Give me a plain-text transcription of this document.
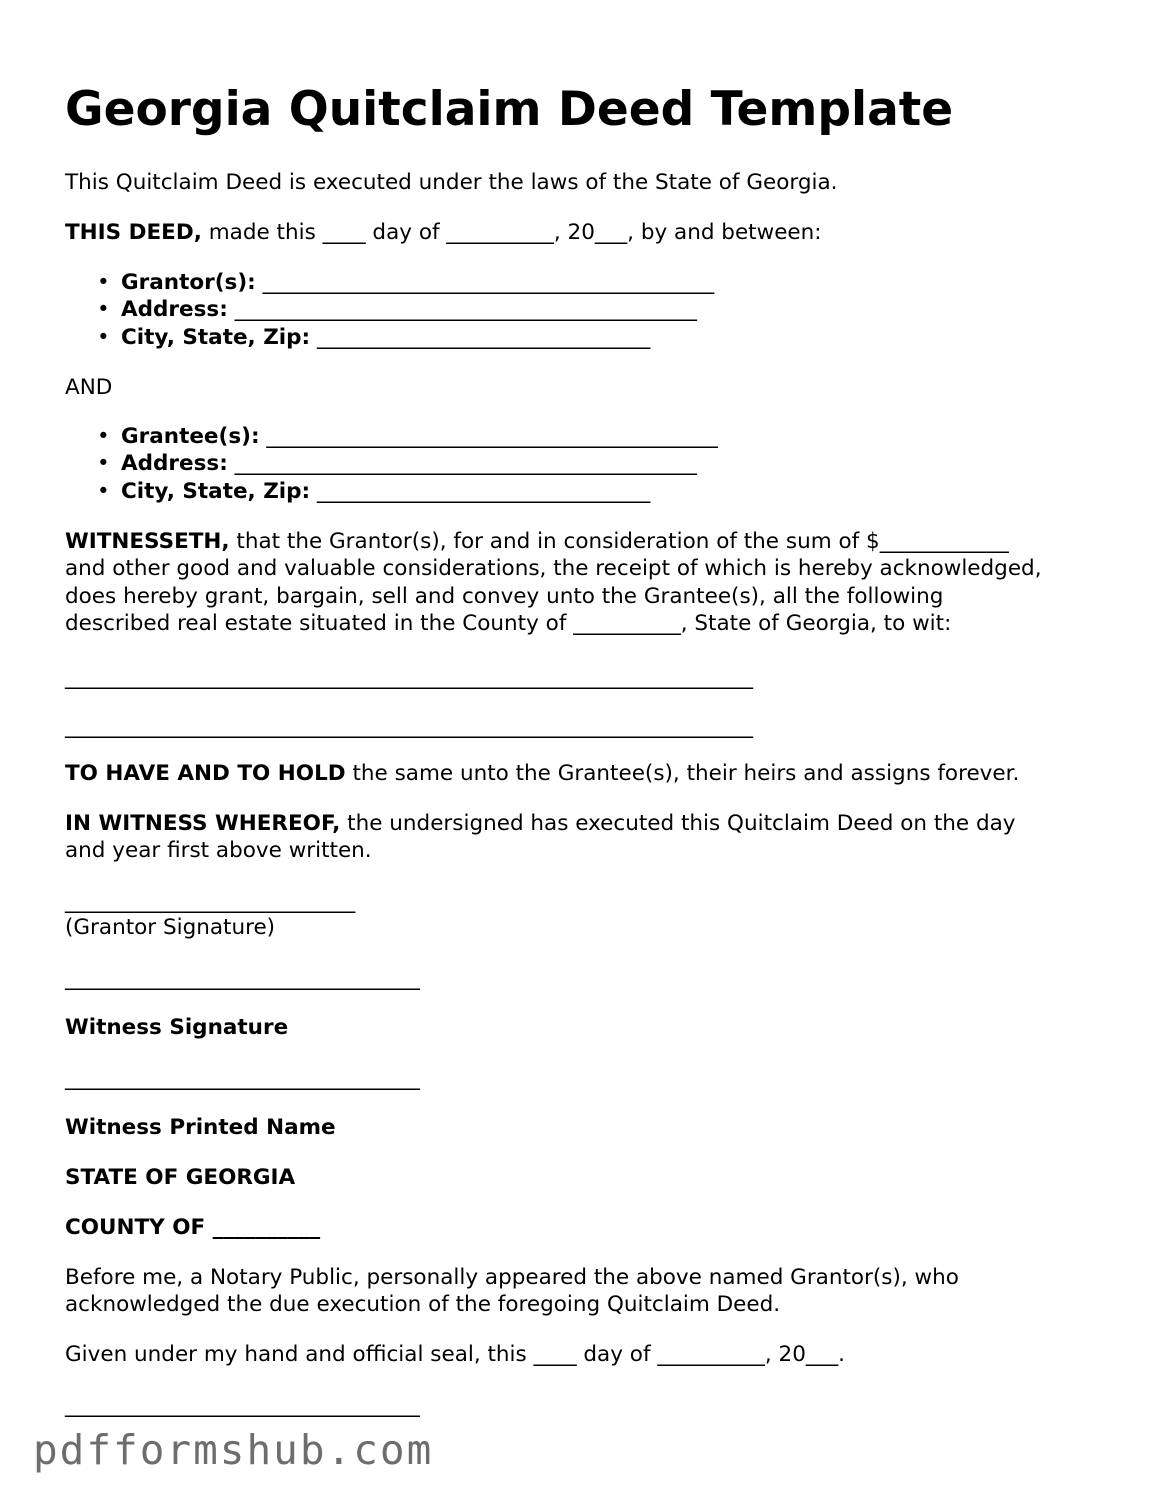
Georgia Quitclaim Deed Template

This Quitclaim Deed is executed under the laws of the State of Georgia.

THIS DEED, made this ____ day of __________, 20___, by and between:

• Grantor(s): __________________________________________
• Address: ___________________________________________
• City, State, Zip: _______________________________

AND

• Grantee(s): __________________________________________
• Address: ___________________________________________
• City, State, Zip: _______________________________
WITNESSETH, that the Grantor(s), for and in consideration of the sum of $____________
and other good and valuable considerations, the receipt of which is hereby acknowledged,
does hereby grant, bargain, sell and convey unto the Grantee(s), all the following
described real estate situated in the County of __________, State of Georgia, to wit:

________________________________________________________________

________________________________________________________________

TO HAVE AND TO HOLD the same unto the Grantee(s), their heirs and assigns forever.

IN WITNESS WHEREOF, the undersigned has executed this Quitclaim Deed on the day
and year first above written.

___________________________

(Grantor Signature)

_________________________________

Witness Signature

_________________________________

Witness Printed Name

STATE OF GEORGIA

COUNTY OF __________

Before me, a Notary Public, personally appeared the above named Grantor(s), who
acknowledged the due execution of the foregoing Quitclaim Deed.

Given under my hand and official seal, this ____ day of __________, 20___.

_________________________________

pdfformshub.com
